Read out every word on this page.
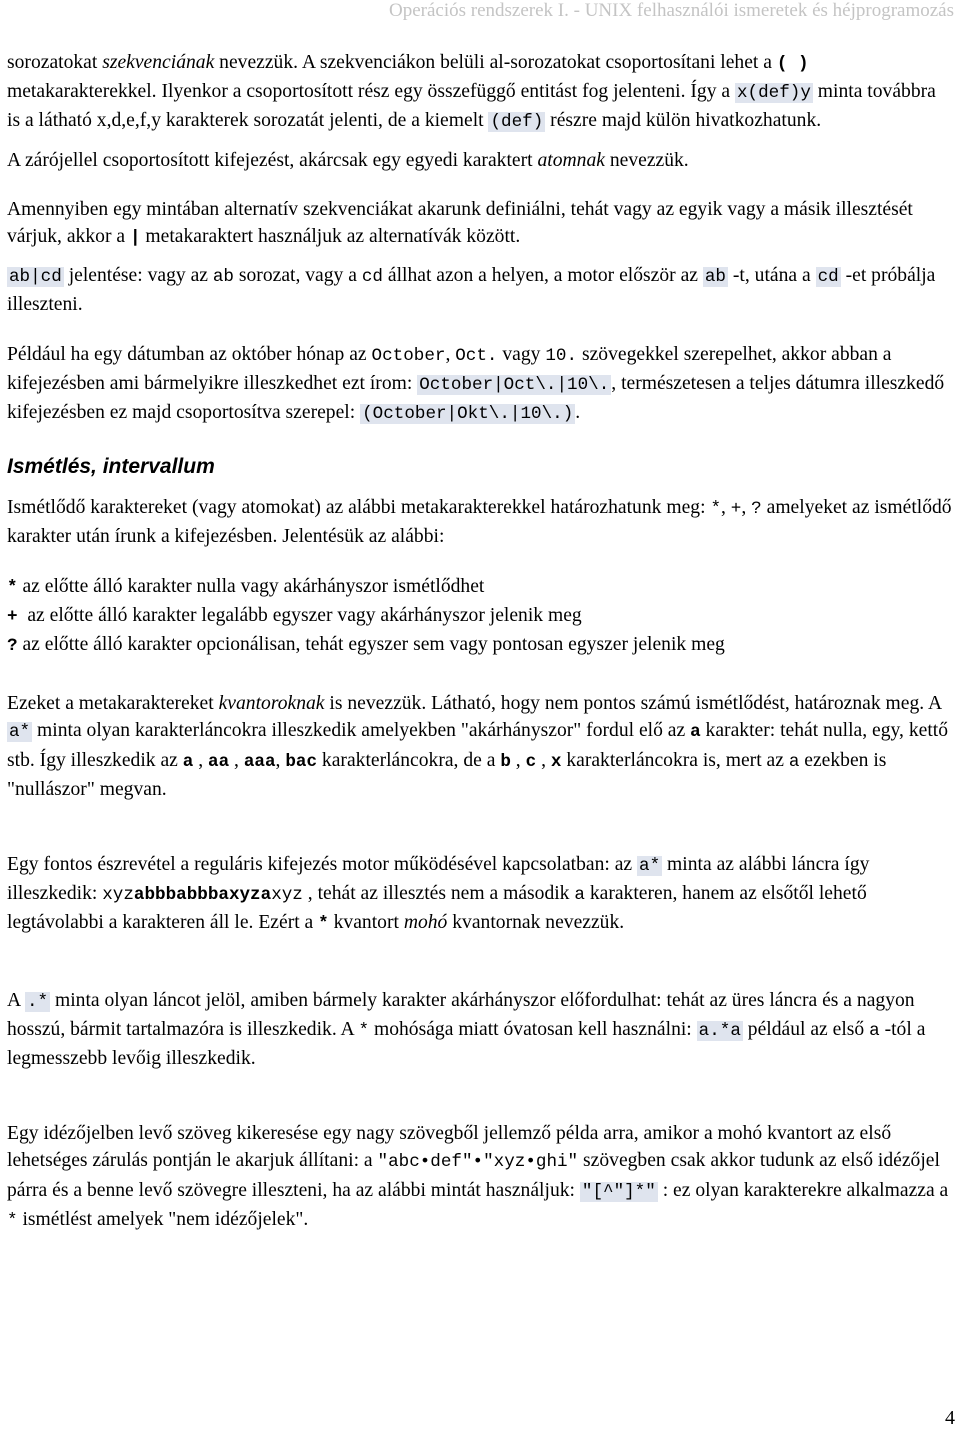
Operációs rendszerek I. - UNIX felhasználói ismeretek és héjprogramozás

sorozatokat szekvenciának nevezzük. A szekvenciákon belüli al-sorozatokat csoportosítani lehet a ( ) metakarakterekkel. Ilyenkor a csoportosított rész egy összefüggő entitást fog jelenteni. Így a x(def)y minta továbbra is a látható x,d,e,f,y karakterek sorozatát jelenti, de a kiemelt (def) részre majd külön hivatkozhatunk.

A zárójellel csoportosított kifejezést, akárcsak egy egyedi karaktert atomnak nevezzük.

Amennyiben egy mintában alternatív szekvenciákat akarunk definiálni, tehát vagy az egyik vagy a másik illesztését várjuk, akkor a | metakaraktert használjuk az alternatívák között.

ab|cd jelentése: vagy az ab sorozat, vagy a cd állhat azon a helyen, a motor először az ab -t, utána a cd -et próbálja illeszteni.

Például ha egy dátumban az október hónap az October, Oct. vagy 10. szövegekkel szerepelhet, akkor abban a kifejezésben ami bármelyikre illeszkedhet ezt írom: October|Oct\.|10\. , természetesen a teljes dátumra illeszkedő kifejezésben ez majd csoportosítva szerepel: (October|Okt\.|10\.) .

Ismétlés, intervallum

Ismétlődő karaktereket (vagy atomokat) az alábbi metakarakterekkel határozhatunk meg: *, +, ? amelyeket az ismétlődő karakter után írunk a kifejezésben. Jelentésük az alábbi:

* az előtte álló karakter nulla vagy akárhányszor ismétlődhet

+  az előtte álló karakter legalább egyszer vagy akárhányszor jelenik meg

? az előtte álló karakter opcionálisan, tehát egyszer sem vagy pontosan egyszer jelenik meg

Ezeket a metakaraktereket kvantoroknak is nevezzük. Látható, hogy nem pontos számú ismétlődést, határoznak meg. A a* minta olyan karakterláncokra illeszkedik amelyekben "akárhányszor" fordul elő az a karakter: tehát nulla, egy, kettő stb. Így illeszkedik az a , aa , aaa, bac karakterláncokra, de a b , c , x karakterláncokra is, mert az a ezekben is "nullászor" megvan.

Egy fontos észrevétel a reguláris kifejezés motor működésével kapcsolatban: az a* minta az alábbi láncra így illeszkedik: xyzabbbabbbaxyzaxyz , tehát az illesztés nem a második a karakteren, hanem az elsőtől lehető legtávolabbi a karakteren áll le. Ezért a * kvantort mohó kvantornak nevezzük.

A .* minta olyan láncot jelöl, amiben bármely karakter akárhányszor előfordulhat: tehát az üres láncra és a nagyon hosszú, bármit tartalmazóra is illeszkedik. A * mohósága miatt óvatosan kell használni: a.*a például az első a -tól a legmesszebb levőig illeszkedik.

Egy idézőjelben levő szöveg kikeresése egy nagy szövegből jellemző példa arra, amikor a mohó kvantort az első lehetséges zárulás pontján le akarjuk állítani: a "abc•def"•"xyz•ghi" szövegben csak akkor tudunk az első idézőjel párra és a benne levő szövegre illeszteni, ha az alábbi mintát használjuk: "[^"]*" : ez olyan karakterekre alkalmazza a * ismétlést amelyek "nem idézőjelek".

4
